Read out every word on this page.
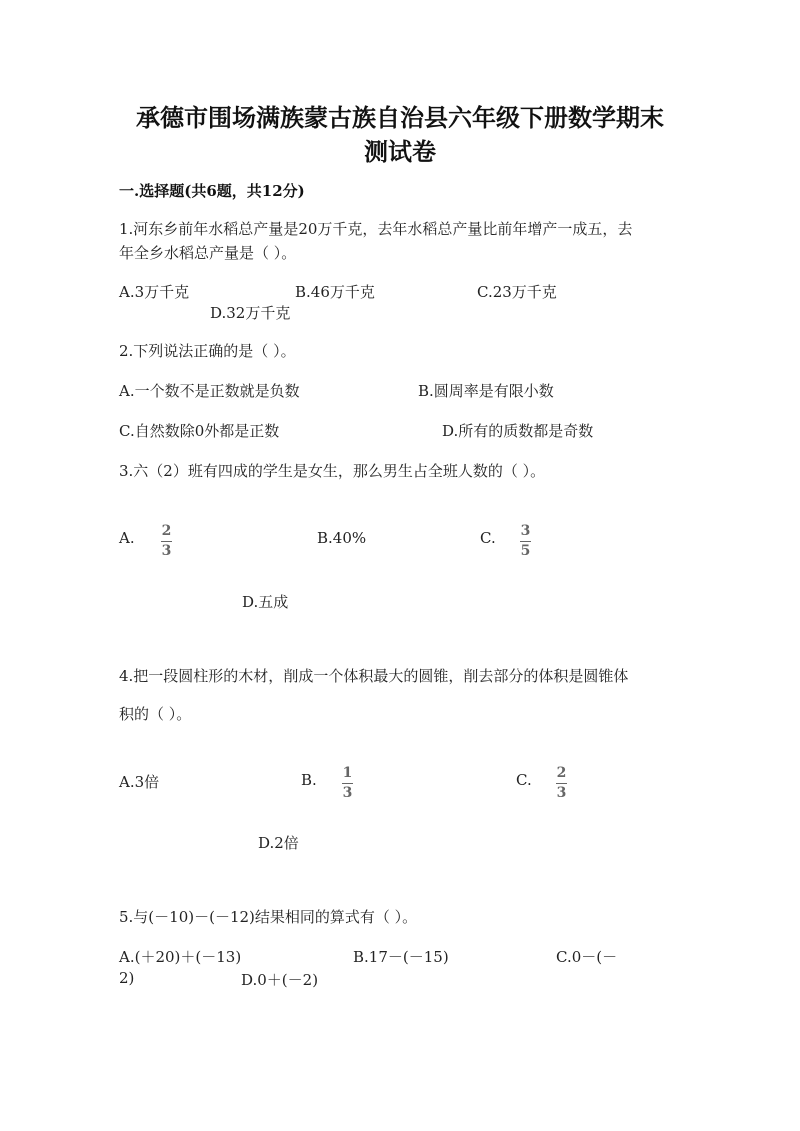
承德市围场满族蒙古族自治县六年级下册数学期末
测试卷
一.选择题(共6题，共12分)
1.河东乡前年水稻总产量是20万千克，去年水稻总产量比前年增产一成五，去
年全乡水稻总产量是（ ）。
A.3万千克	B.46万千克	C.23万千克
D.32万千克
2.下列说法正确的是（ ）。
A.一个数不是正数就是负数	B.圆周率是有限小数
C.自然数除0外都是正数	D.所有的质数都是奇数
3.六（2）班有四成的学生是女生，那么男生占全班人数的（ ）。
A. 2
3
B.40%	C. 3
5
D.五成
4.把一段圆柱形的木材，削成一个体积最大的圆锥，削去部分的体积是圆锥体
积的（ ）。
A.3倍	B. 1
3
C. 2
3
D.2倍
5.与(－10)－(－12)结果相同的算式有（ ）。
A.(＋20)＋(－13)	B.17－(－15)	C.0－(－
2)	D.0＋(－2)
